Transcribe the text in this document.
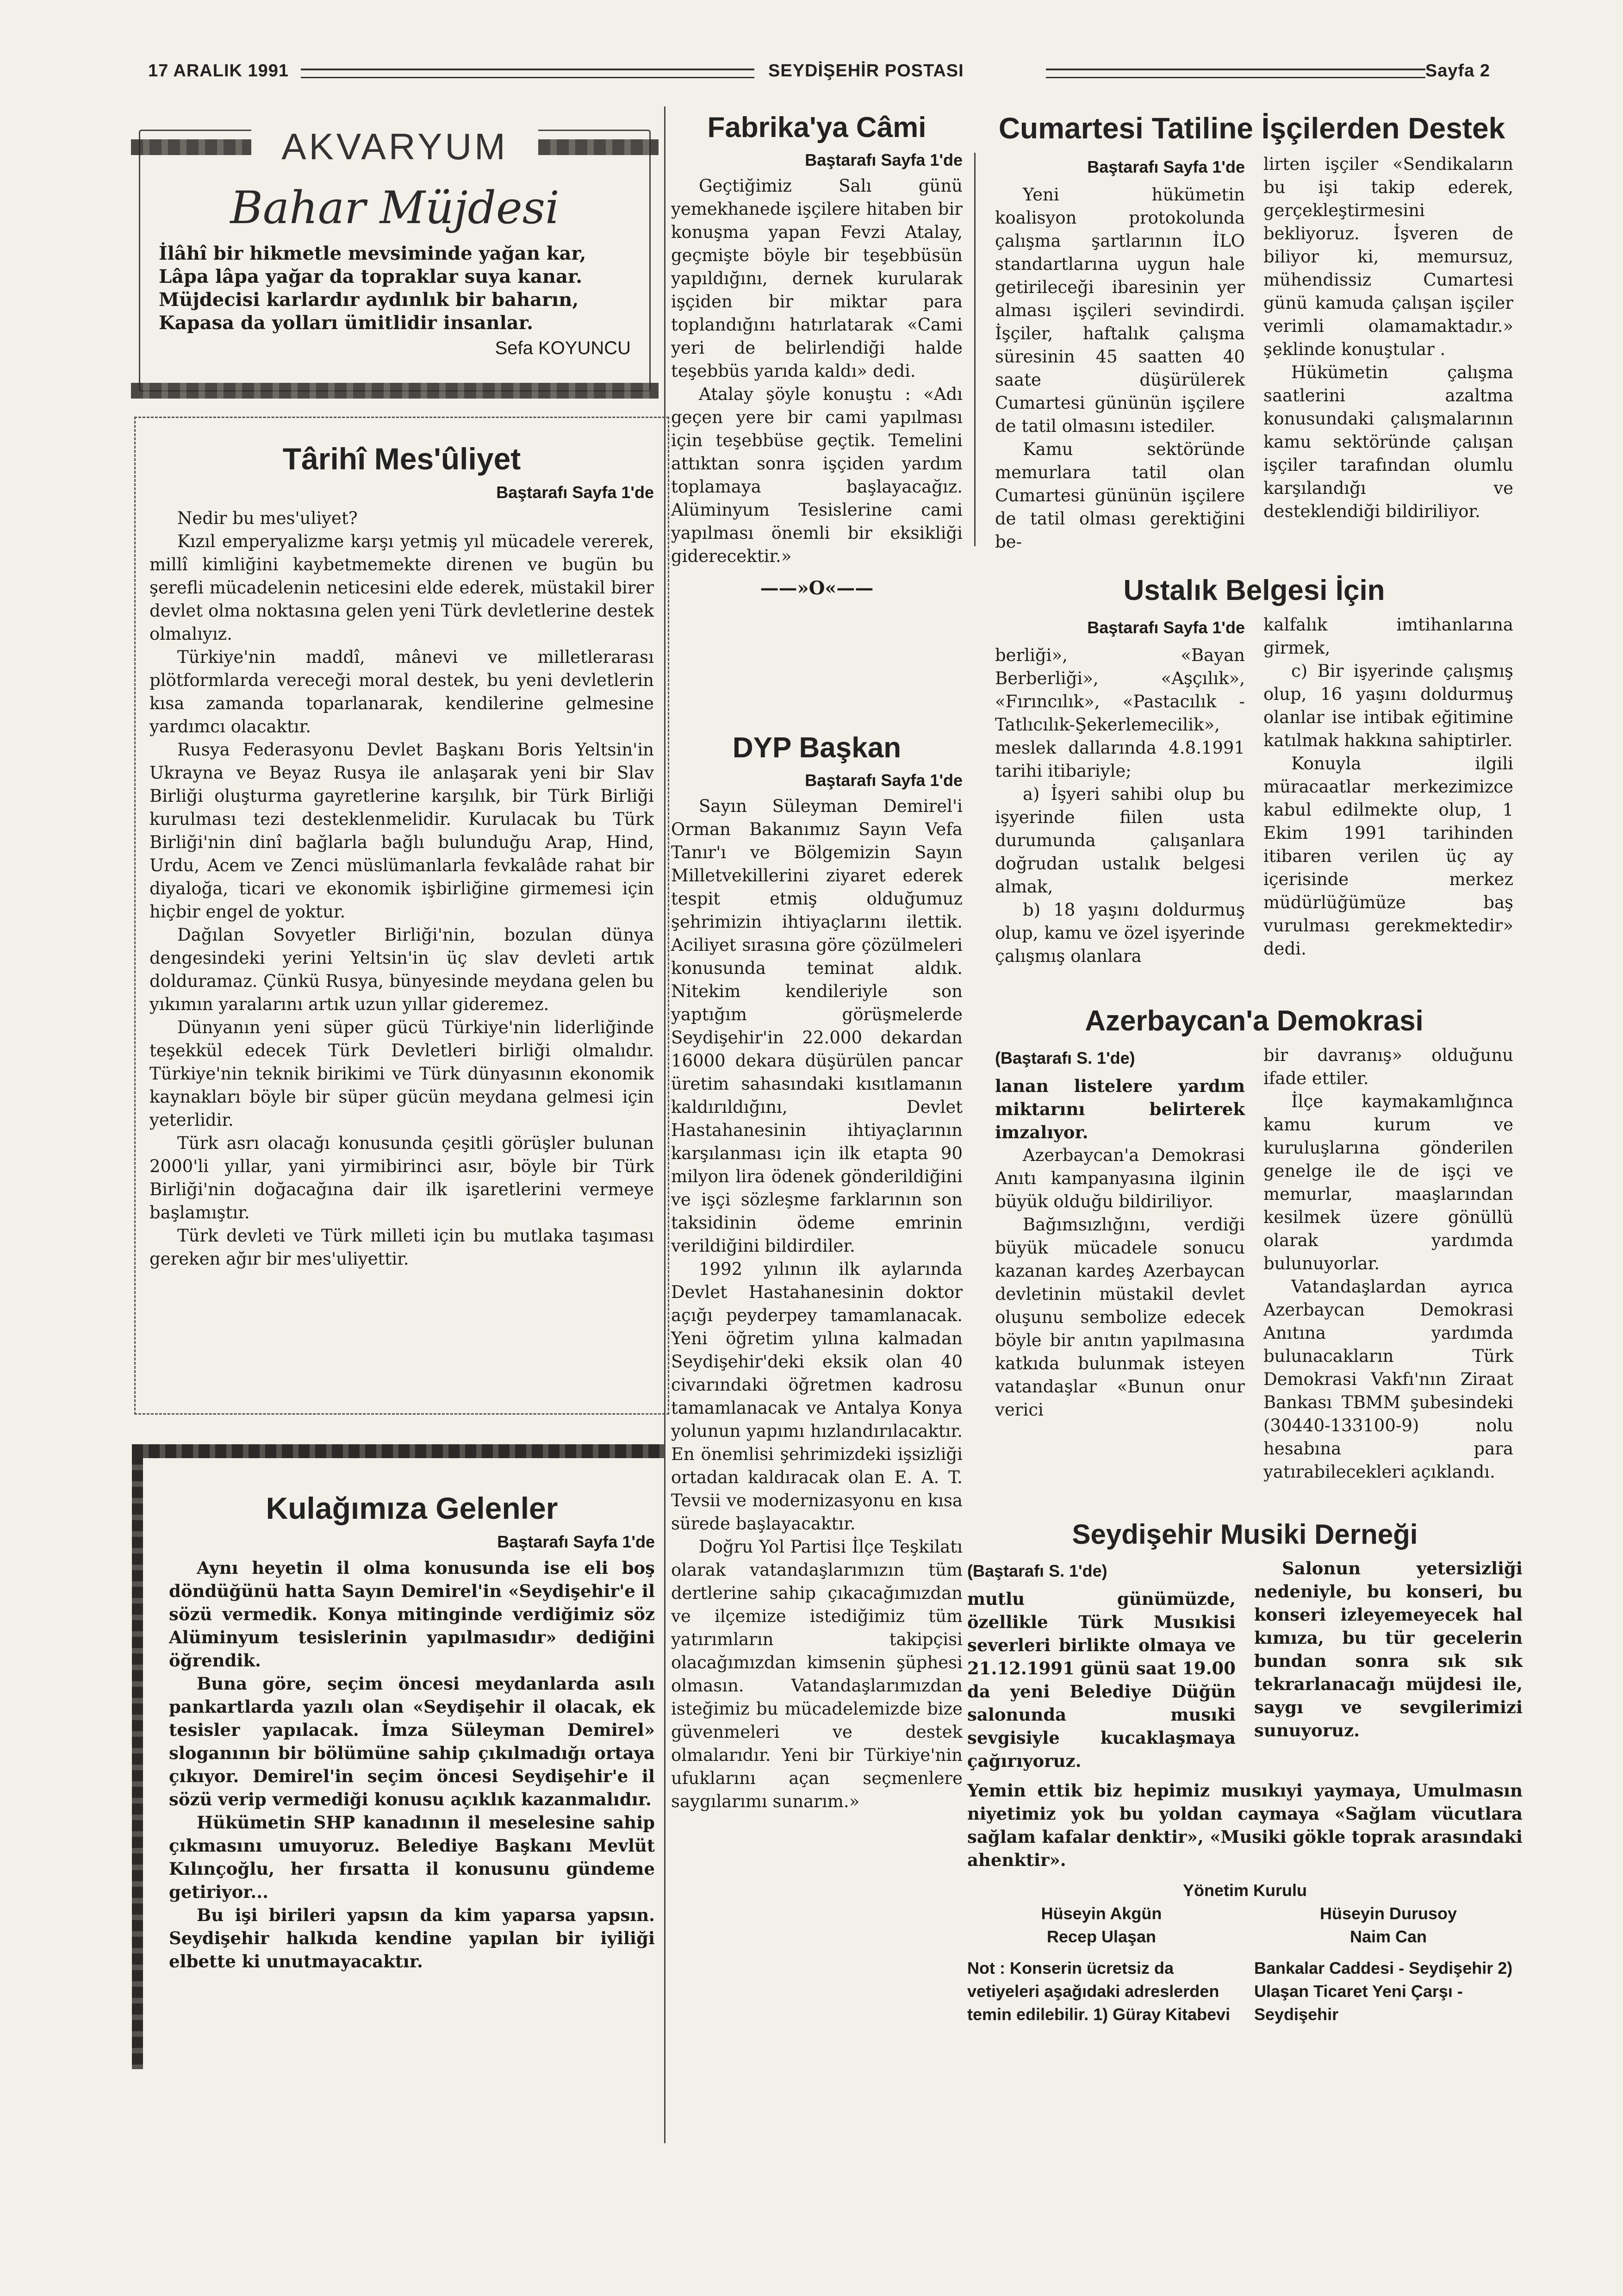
17 ARALIK 1991	SEYDİŞEHİR POSTASI	Sayfa 2
AKVARYUM
Bahar Müjdesi
İlâhî bir hikmetle mevsiminde yağan kar,
Lâpa lâpa yağar da topraklar suya kanar.
Müjdecisi karlardır aydınlık bir baharın,
Kapasa da yolları ümitlidir insanlar.
Sefa KOYUNCU
Târihî Mes'ûliyet
Baştarafı Sayfa 1'de

Nedir bu mes'uliyet?

Kızıl emperyalizme karşı yetmiş yıl mücadele vererek, millî kimliğini kaybetmemekte direnen ve bugün bu şerefli mücadelenin neticesini elde ederek, müstakil birer devlet olma noktasına gelen yeni Türk devletlerine destek olmalıyız.

Türkiye'nin maddî, mânevi ve milletlerarası plötformlarda vereceği moral destek, bu yeni devletlerin kısa zamanda toparlanarak, kendilerine gelmesine yardımcı olacaktır.

Rusya Federasyonu Devlet Başkanı Boris Yeltsin'in Ukrayna ve Beyaz Rusya ile anlaşarak yeni bir Slav Birliği oluşturma gayretlerine karşılık, bir Türk Birliği kurulması tezi desteklenmelidir. Kurulacak bu Türk Birliği'nin dinî bağlarla bağlı bulunduğu Arap, Hind, Urdu, Acem ve Zenci müslümanlarla fevkalâde rahat bir diyaloğa, ticari ve ekonomik işbirliğine girmemesi için hiçbir engel de yoktur.

Dağılan Sovyetler Birliği'nin, bozulan dünya dengesindeki yerini Yeltsin'in üç slav devleti artık dolduramaz. Çünkü Rusya, bünyesinde meydana gelen bu yıkımın yaralarını artık uzun yıllar gideremez.

Dünyanın yeni süper gücü Türkiye'nin liderliğinde teşekkül edecek Türk Devletleri birliği olmalıdır. Türkiye'nin teknik birikimi ve Türk dünyasının ekonomik kaynakları böyle bir süper gücün meydana gelmesi için yeterlidir.

Türk asrı olacağı konusunda çeşitli görüşler bulunan 2000'li yıllar, yani yirmibirinci asır, böyle bir Türk Birliği'nin doğacağına dair ilk işaretlerini vermeye başlamıştır.

Türk devleti ve Türk milleti için bu mutlaka taşıması gereken ağır bir mes'uliyettir.

Kulağımıza Gelenler
Baştarafı Sayfa 1'de

Aynı heyetin il olma konusunda ise eli boş döndüğünü hatta Sayın Demirel'in «Seydişehir'e il sözü vermedik. Konya mitinginde verdiğimiz söz Alüminyum tesislerinin yapılmasıdır» dediğini öğrendik.

Buna göre, seçim öncesi meydanlarda asılı pankartlarda yazılı olan «Seydişehir il olacak, ek tesisler yapılacak. İmza Süleyman Demirel» sloganının bir bölümüne sahip çıkılmadığı ortaya çıkıyor. Demirel'in seçim öncesi Seydişehir'e il sözü verip vermediği konusu açıklık kazanmalıdır.

Hükümetin SHP kanadının il meselesine sahip çıkmasını umuyoruz. Belediye Başkanı Mevlüt Kılınçoğlu, her fırsatta il konusunu gündeme getiriyor...

Bu işi birileri yapsın da kim yaparsa yapsın. Seydişehir halkıda kendine yapılan bir iyiliği elbette ki unutmayacaktır.

Fabrika'ya Câmi
Baştarafı Sayfa 1'de

Geçtiğimiz Salı günü yemekhanede işçilere hitaben bir konuşma yapan Fevzi Atalay, geçmişte böyle bir teşebbüsün yapıldığını, dernek kurularak işçiden bir miktar para toplandığını hatırlatarak «Cami yeri de belirlendiği halde teşebbüs yarıda kaldı» dedi.

Atalay şöyle konuştu : «Adı geçen yere bir cami yapılması için teşebbüse geçtik. Temelini attıktan sonra işçiden yardım toplamaya başlayacağız. Alüminyum Tesislerine cami yapılması önemli bir eksikliği giderecektir.»

——»O«——
DYP Başkan
Baştarafı Sayfa 1'de

Sayın Süleyman Demirel'i Orman Bakanımız Sayın Vefa Tanır'ı ve Bölgemizin Sayın Milletvekillerini ziyaret ederek tespit etmiş olduğumuz şehrimizin ihtiyaçlarını ilettik. Aciliyet sırasına göre çözülmeleri konusunda teminat aldık. Nitekim kendileriyle son yaptığım görüşmelerde Seydişehir'in 22.000 dekardan 16000 dekara düşürülen pancar üretim sahasındaki kısıtlamanın kaldırıldığını, Devlet Hastahanesinin ihtiyaçlarının karşılanması için ilk etapta 90 milyon lira ödenek gönderildiğini ve işçi sözleşme farklarının son taksidinin ödeme emrinin verildiğini bildirdiler.

1992 yılının ilk aylarında Devlet Hastahanesinin doktor açığı peyderpey tamamlanacak. Yeni öğretim yılına kalmadan Seydişehir'deki eksik olan 40 civarındaki öğretmen kadrosu tamamlanacak ve Antalya Konya yolunun yapımı hızlandırılacaktır. En önemlisi şehrimizdeki işsizliği ortadan kaldıracak olan E. A. T. Tevsii ve modernizasyonu en kısa sürede başlayacaktır.

Doğru Yol Partisi İlçe Teşkilatı olarak vatandaşlarımızın tüm dertlerine sahip çıkacağımızdan ve ilçemize istediğimiz tüm yatırımların takipçisi olacağımızdan kimsenin şüphesi olmasın. Vatandaşlarımızdan isteğimiz bu mücadelemizde bize güvenmeleri ve destek olmalarıdır. Yeni bir Türkiye'nin ufuklarını açan seçmenlere saygılarımı sunarım.»

Cumartesi Tatiline İşçilerden Destek
Baştarafı Sayfa 1'de

Yeni hükümetin koalisyon protokolunda çalışma şartlarının İLO standartlarına uygun hale getirileceği ibaresinin yer alması işçileri sevindirdi. İşçiler, haftalık çalışma süresinin 45 saatten 40 saate düşürülerek Cumartesi gününün işçilere de tatil olmasını istediler.

Kamu sektöründe memurlara tatil olan Cumartesi gününün işçilere de tatil olması gerektiğini be-

lirten işçiler «Sendikaların bu işi takip ederek, gerçekleştirmesini bekliyoruz. İşveren de biliyor ki, memursuz, mühendissiz Cumartesi günü kamuda çalışan işçiler verimli olamamaktadır.» şeklinde konuştular .

Hükümetin çalışma saatlerini azaltma konusundaki çalışmalarının kamu sektöründe çalışan işçiler tarafından olumlu karşılandığı ve desteklendiği bildiriliyor.

Ustalık Belgesi İçin
Baştarafı Sayfa 1'de

berliği», «Bayan Berberliği», «Aşçılık», «Fırıncılık», «Pastacılık - Tatlıcılık-Şekerlemecilik», meslek dallarında 4.8.1991 tarihi itibariyle;

a) İşyeri sahibi olup bu işyerinde fiilen usta durumunda çalışanlara doğrudan ustalık belgesi almak,

b) 18 yaşını doldurmuş olup, kamu ve özel işyerinde çalışmış olanlara

kalfalık imtihanlarına girmek,

c) Bir işyerinde çalışmış olup, 16 yaşını doldurmuş olanlar ise intibak eğitimine katılmak hakkına sahiptirler.

Konuyla ilgili müracaatlar merkezimizce kabul edilmekte olup, 1 Ekim 1991 tarihinden itibaren verilen üç ay içerisinde merkez müdürlüğümüze baş vurulması gerekmektedir» dedi.

Azerbaycan'a Demokrasi
(Baştarafı S. 1'de)

lanan listelere yardım miktarını belirterek imzalıyor.

Azerbaycan'a Demokrasi Anıtı kampanyasına ilginin büyük olduğu bildiriliyor.

Bağımsızlığını, verdiği büyük mücadele sonucu kazanan kardeş Azerbaycan devletinin müstakil devlet oluşunu sembolize edecek böyle bir anıtın yapılmasına katkıda bulunmak isteyen vatandaşlar «Bunun onur verici

bir davranış» olduğunu ifade ettiler.

İlçe kaymakamlığınca kamu kurum ve kuruluşlarına gönderilen genelge ile de işçi ve memurlar, maaşlarından kesilmek üzere gönüllü olarak yardımda bulunuyorlar.

Vatandaşlardan ayrıca Azerbaycan Demokrasi Anıtına yardımda bulunacakların Türk Demokrasi Vakfı'nın Ziraat Bankası TBMM şubesindeki (30440-133100-9) nolu hesabına para yatırabilecekleri açıklandı.

Seydişehir Musiki Derneği
(Baştarafı S. 1'de)

mutlu günümüzde, özellikle Türk Musıkisi severleri birlikte olmaya ve 21.12.1991 günü saat 19.00 da yeni Belediye Düğün salonunda musıki sevgisiyle kucaklaşmaya çağırıyoruz.

Salonun yetersizliği nedeniyle, bu konseri, bu konseri izleyemeyecek hal kımıza, bu tür gecelerin bundan sonra sık sık tekrarlanacağı müjdesi ile, saygı ve sevgilerimizi sunuyoruz.

Yemin ettik biz hepimiz musıkıyi yaymaya, Umulmasın niyetimiz yok bu yoldan caymaya «Sağlam vücutlara sağlam kafalar denktir», «Musiki gökle toprak arasındaki ahenktir».

Yönetim Kurulu
Hüseyin Akgün
Recep Ulaşan
Hüseyin Durusoy
Naim Can
Not : Konserin ücretsiz da vetiyeleri aşağıdaki adreslerden temin edilebilir. 1) Güray Kitabevi
Bankalar Caddesi - Seydişehir 2) Ulaşan Ticaret Yeni Çarşı - Seydişehir
